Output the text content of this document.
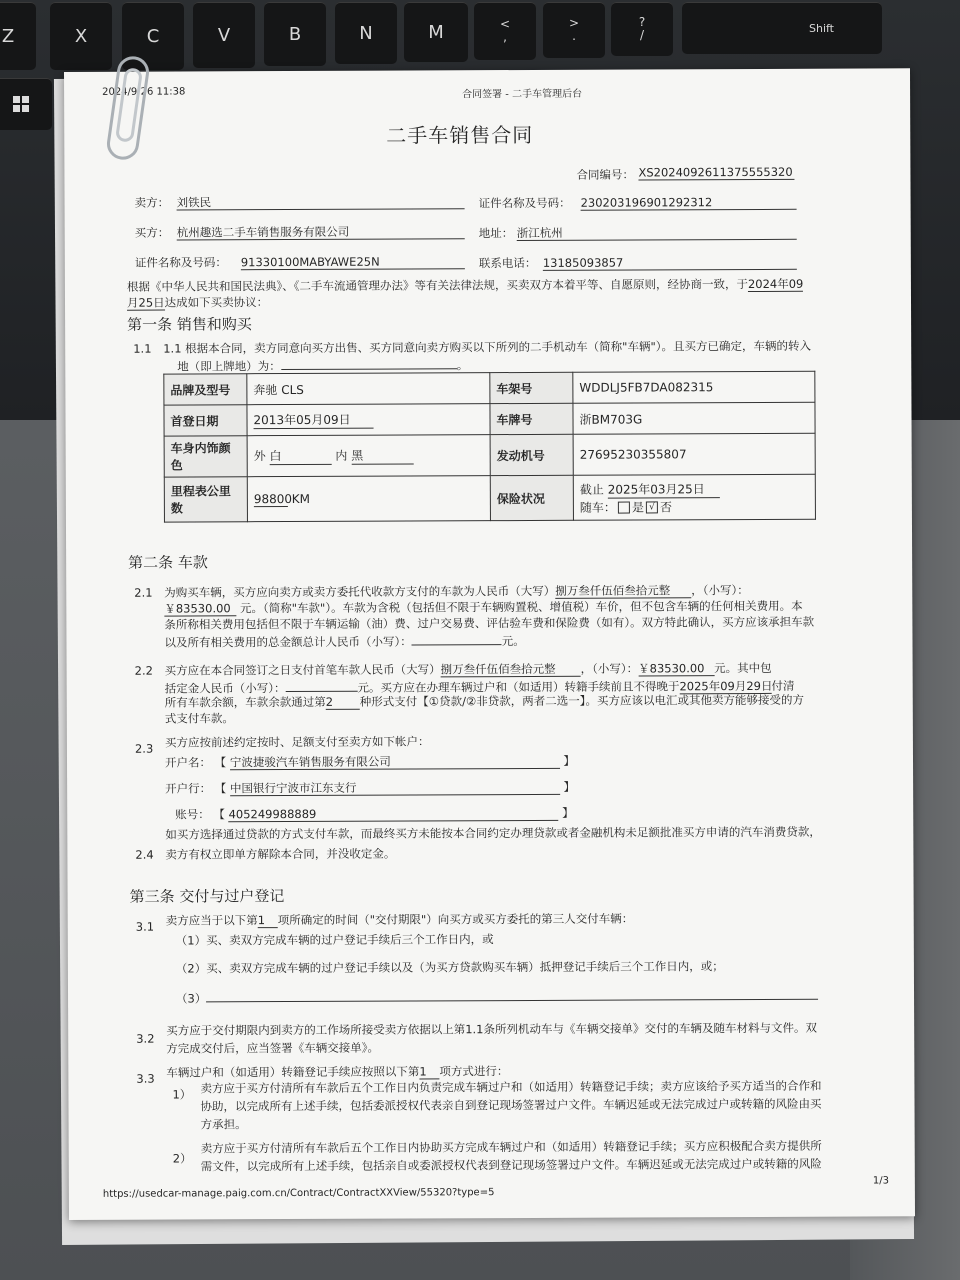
Z	X	C	V	B	N	M	<
,
>
.
?
/	Shift
2024/9/26 11:38	合同签署 - 二手车管理后台
二手车销售合同
合同编号： XS2024092611375555320
卖方： 刘铁民	证件名称及号码： 230203196901292312
买方： 杭州趣选二手车销售服务有限公司	地址： 浙江杭州
证件名称及号码： 91330100MABYAWE25N	联系电话： 13185093857
根据《中华人民共和国民法典》、《二手车流通管理办法》等有关法律法规，买卖双方本着平等、自愿原则，经协商一致，于2024年09
月25日达成如下买卖协议：
第一条 销售和购买
1.1 1.1 根据本合同，卖方同意向买方出售、买方同意向卖方购买以下所列的二手机动车（简称"车辆"）。且买方已确定，车辆的转入
地（即上牌地）为：	。
品牌及型号	奔驰 CLS	车架号	WDDLJ5FB7DA082315
首登日期	2013年05月09日	车牌号	浙BM703G
车身内饰颜
色	外 白 内 黑	发动机号	27695230355807
里程表公里
数	98800 KM	保险状况	截止 2025年03月25日
随车： 是 √ 否
第二条 车款
2.1 为购买车辆，买方应向卖方或卖方委托代收款方支付的车款为人民币（大写）捌万叁仟伍佰叁拾元整 ，（小写）：
￥83530.00 元。（简称"车款"）。车款为含税（包括但不限于车辆购置税、增值税）车价，但不包含车辆的任何相关费用。本
条所称相关费用包括但不限于车辆运输（油）费、过户交易费、评估验车费和保险费（如有）。双方特此确认，买方应该承担车款
以及所有相关费用的总金额总计人民币（小写）：	元。
2.2 买方应在本合同签订之日支付首笔车款人民币（大写）捌万叁仟伍佰叁拾元整 ，（小写）：￥83530.00 元。其中包
括定金人民币（小写）：	元。买方应在办理车辆过户和（如适用）转籍手续前且不得晚于2025年09月29日付清
所有车款余额，车款余款通过第2 种形式支付【①贷款/②非贷款，两者二选一】。买方应该以电汇或其他卖方能够接受的方
式支付车款。
2.3 买方应按前述约定按时、足额支付至卖方如下帐户：
开户名： 【 宁波捷骏汽车销售服务有限公司	】
开户行： 【 中国银行宁波市江东支行	】
账号： 【 405249988889	】
2.4
如买方选择通过贷款的方式支付车款，而最终买方未能按本合同约定办理贷款或者金融机构未足额批准买方申请的汽车消费贷款，
卖方有权立即单方解除本合同，并没收定金。
第三条 交付与过户登记
3.1 卖方应当于以下第1 项所确定的时间（"交付期限"）向买方或买方委托的第三人交付车辆：
（1）买、卖双方完成车辆的过户登记手续后三个工作日内，或
（2）买、卖双方完成车辆的过户登记手续以及（为买方贷款购买车辆）抵押登记手续后三个工作日内，或；
（3）
3.2
买方应于交付期限内到卖方的工作场所接受卖方依据以上第1.1条所列机动车与《车辆交接单》交付的车辆及随车材料与文件。双
方完成交付后，应当签署《车辆交接单》。
3.3 车辆过户和（如适用）转籍登记手续应按照以下第1 项方式进行：
1） 卖方应于买方付清所有车款后五个工作日内负责完成车辆过户和（如适用）转籍登记手续；卖方应该给予买方适当的合作和
协助，以完成所有上述手续，包括委派授权代表亲自到登记现场签署过户文件。车辆迟延或无法完成过户或转籍的风险由买
方承担。
2）
卖方应于买方付清所有车款后五个工作日内协助买方完成车辆过户和（如适用）转籍登记手续；买方应积极配合卖方提供所
需文件，以完成所有上述手续，包括亲自或委派授权代表到登记现场签署过户文件。车辆迟延或无法完成过户或转籍的风险
https://usedcar-manage.paig.com.cn/Contract/ContractXXView/55320?type=5
1/3
